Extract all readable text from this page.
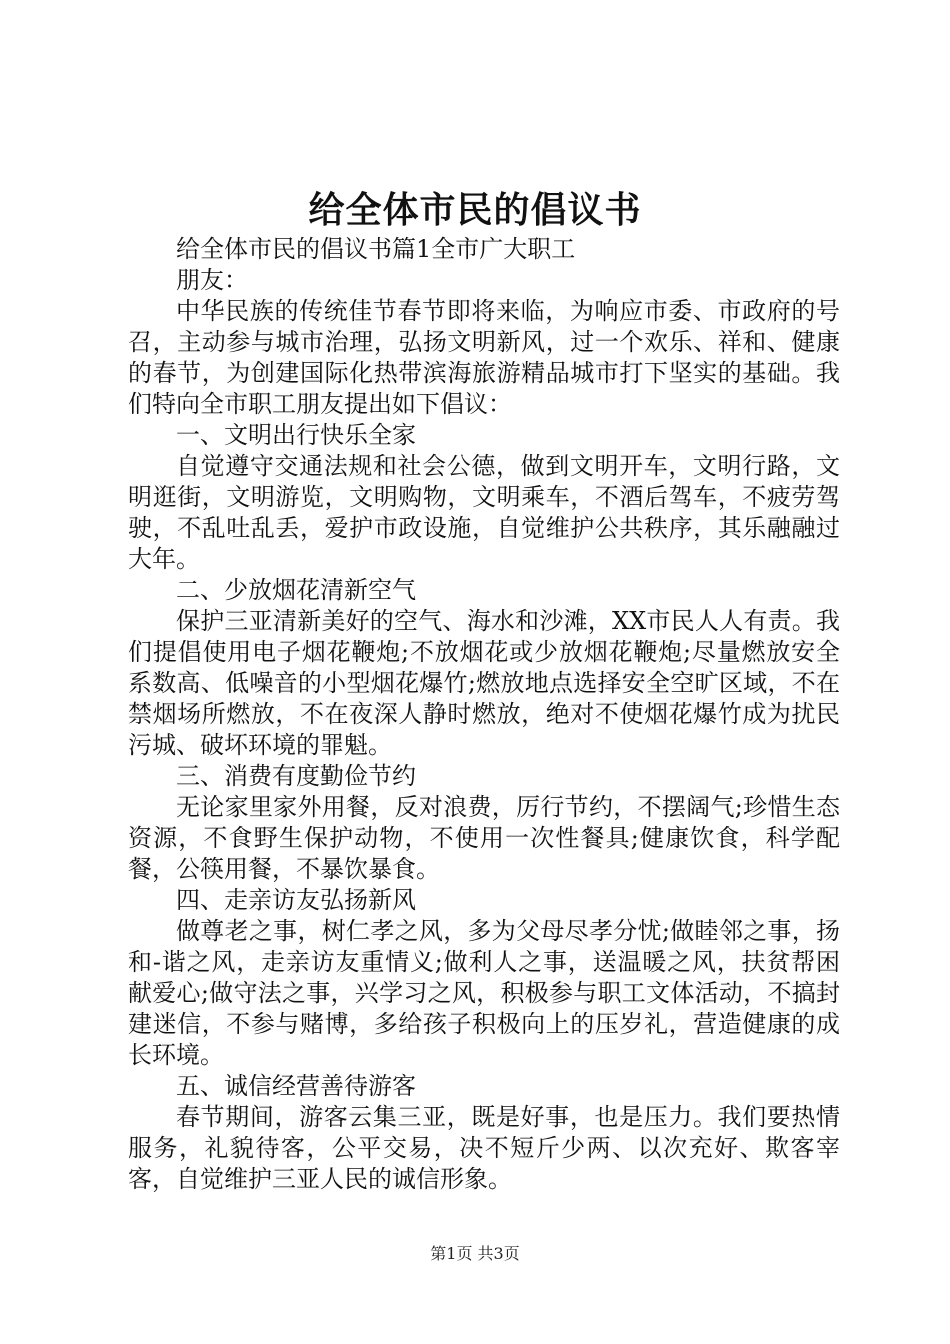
给全体市民的倡议书

给全体市民的倡议书篇1全市广大职工

朋友：

中华民族的传统佳节春节即将来临，为响应市委、市政府的号召，主动参与城市治理，弘扬文明新风，过一个欢乐、祥和、健康的春节，为创建国际化热带滨海旅游精品城市打下坚实的基础。我们特向全市职工朋友提出如下倡议：

一、文明出行快乐全家

自觉遵守交通法规和社会公德，做到文明开车，文明行路，文明逛街，文明游览，文明购物，文明乘车，不酒后驾车，不疲劳驾驶，不乱吐乱丢，爱护市政设施，自觉维护公共秩序，其乐融融过大年。

二、少放烟花清新空气

保护三亚清新美好的空气、海水和沙滩，XX市民人人有责。我们提倡使用电子烟花鞭炮;不放烟花或少放烟花鞭炮;尽量燃放安全系数高、低噪音的小型烟花爆竹;燃放地点选择安全空旷区域，不在禁烟场所燃放，不在夜深人静时燃放，绝对不使烟花爆竹成为扰民污城、破坏环境的罪魁。

三、消费有度勤俭节约

无论家里家外用餐，反对浪费，厉行节约，不摆阔气;珍惜生态资源，不食野生保护动物，不使用一次性餐具;健康饮食，科学配餐，公筷用餐，不暴饮暴食。

四、走亲访友弘扬新风

做尊老之事，树仁孝之风，多为父母尽孝分忧;做睦邻之事，扬和-谐之风，走亲访友重情义;做利人之事，送温暖之风，扶贫帮困献爱心;做守法之事，兴学习之风，积极参与职工文体活动，不搞封建迷信，不参与赌博，多给孩子积极向上的压岁礼，营造健康的成长环境。

五、诚信经营善待游客

春节期间，游客云集三亚，既是好事，也是压力。我们要热情服务，礼貌待客，公平交易，决不短斤少两、以次充好、欺客宰客，自觉维护三亚人民的诚信形象。

第1页 共3页
